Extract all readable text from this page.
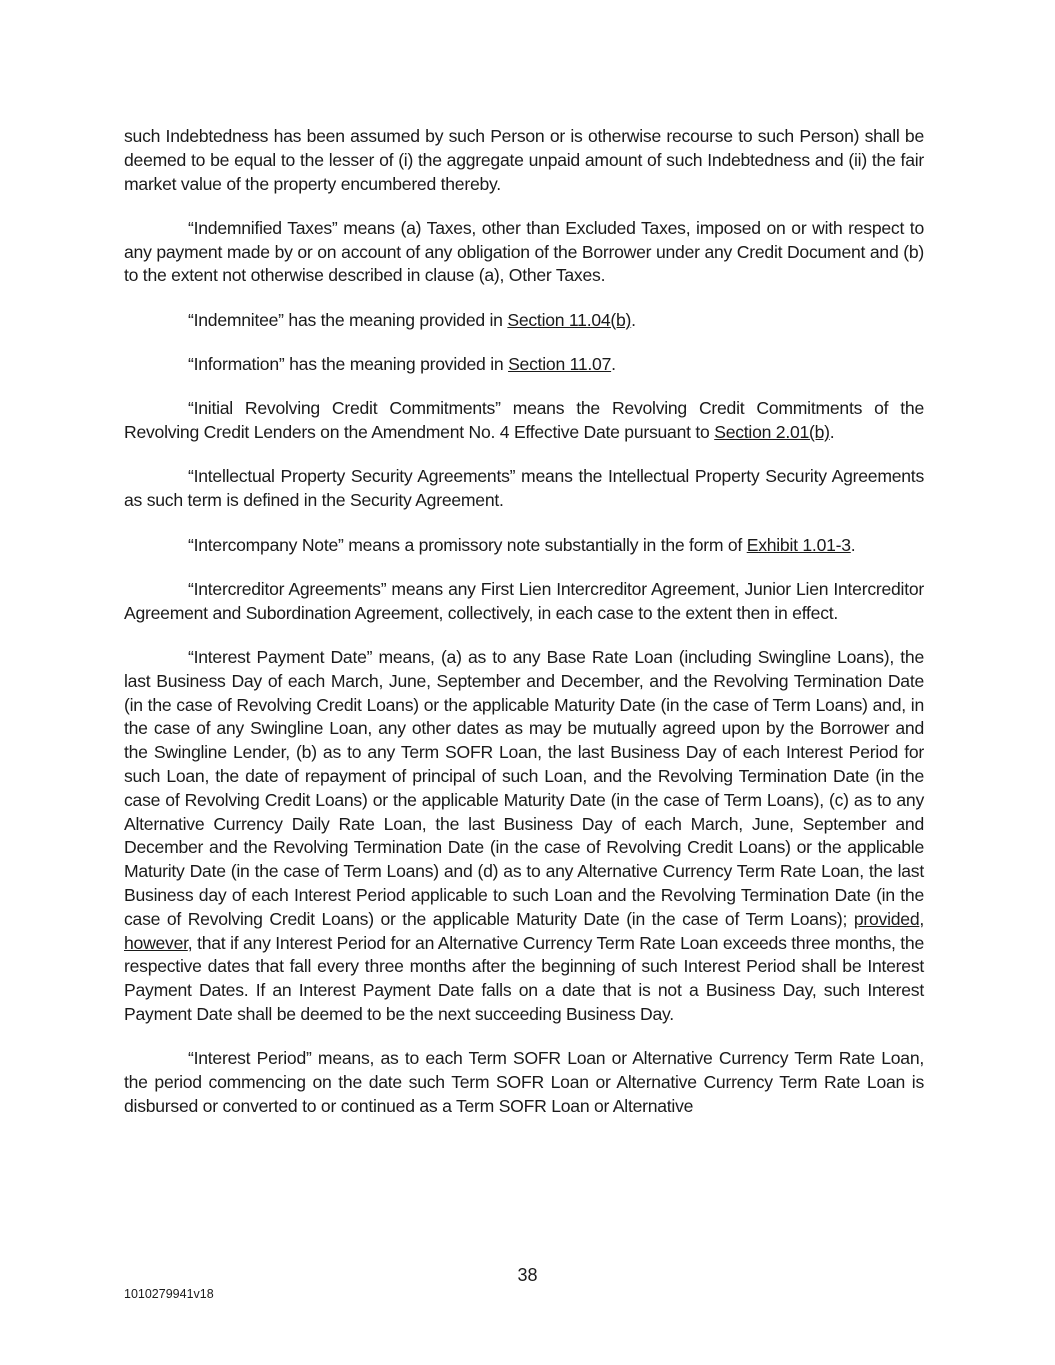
such Indebtedness has been assumed by such Person or is otherwise recourse to such Person) shall be deemed to be equal to the lesser of (i) the aggregate unpaid amount of such Indebtedness and (ii) the fair market value of the property encumbered thereby.

“Indemnified Taxes” means (a) Taxes, other than Excluded Taxes, imposed on or with respect to any payment made by or on account of any obligation of the Borrower under any Credit Document and (b) to the extent not otherwise described in clause (a), Other Taxes.

“Indemnitee” has the meaning provided in Section 11.04(b).

“Information” has the meaning provided in Section 11.07.

“Initial Revolving Credit Commitments” means the Revolving Credit Commitments of the Revolving Credit Lenders on the Amendment No. 4 Effective Date pursuant to Section 2.01(b).

“Intellectual Property Security Agreements” means the Intellectual Property Security Agreements as such term is defined in the Security Agreement.

“Intercompany Note” means a promissory note substantially in the form of Exhibit 1.01-3.

“Intercreditor Agreements” means any First Lien Intercreditor Agreement, Junior Lien Intercreditor Agreement and Subordination Agreement, collectively, in each case to the extent then in effect.

“Interest Payment Date” means, (a) as to any Base Rate Loan (including Swingline Loans), the last Business Day of each March, June, September and December, and the Revolving Termination Date (in the case of Revolving Credit Loans) or the applicable Maturity Date (in the case of Term Loans) and, in the case of any Swingline Loan, any other dates as may be mutually agreed upon by the Borrower and the Swingline Lender, (b) as to any Term SOFR Loan, the last Business Day of each Interest Period for such Loan, the date of repayment of principal of such Loan, and the Revolving Termination Date (in the case of Revolving Credit Loans) or the applicable Maturity Date (in the case of Term Loans), (c) as to any Alternative Currency Daily Rate Loan, the last Business Day of each March, June, September and December and the Revolving Termination Date (in the case of Revolving Credit Loans) or the applicable Maturity Date (in the case of Term Loans) and (d) as to any Alternative Currency Term Rate Loan, the last Business day of each Interest Period applicable to such Loan and the Revolving Termination Date (in the case of Revolving Credit Loans) or the applicable Maturity Date (in the case of Term Loans); provided, however, that if any Interest Period for an Alternative Currency Term Rate Loan exceeds three months, the respective dates that fall every three months after the beginning of such Interest Period shall be Interest Payment Dates. If an Interest Payment Date falls on a date that is not a Business Day, such Interest Payment Date shall be deemed to be the next succeeding Business Day.

“Interest Period” means, as to each Term SOFR Loan or Alternative Currency Term Rate Loan, the period commencing on the date such Term SOFR Loan or Alternative Currency Term Rate Loan is disbursed or converted to or continued as a Term SOFR Loan or Alternative

38
1010279941v18
